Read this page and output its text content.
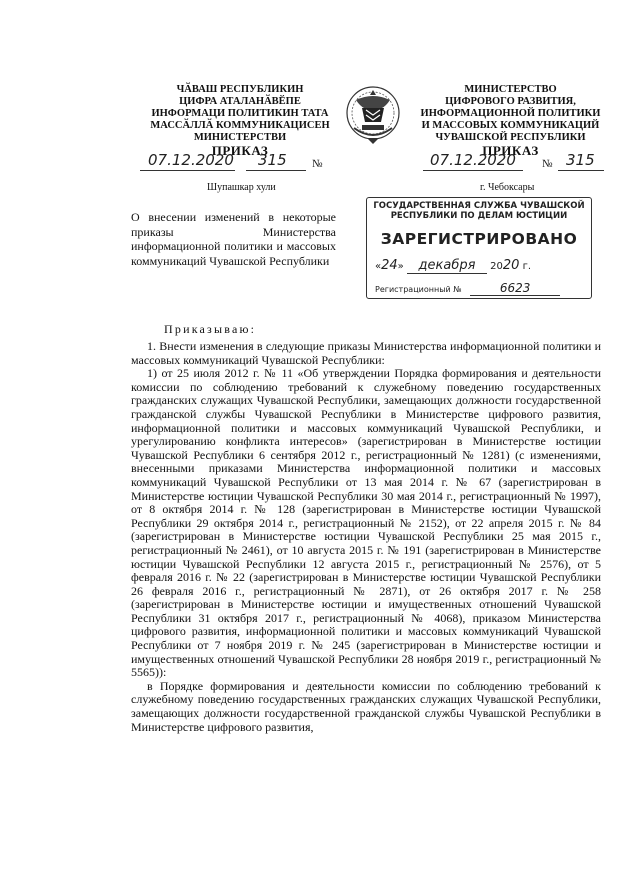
ЧӐВАШ РЕСПУБЛИКИН
ЦИФРА АТАЛАНӐВӖПЕ
ИНФОРМАЦИ ПОЛИТИКИН ТАТА
МАССӐЛЛӐ КОММУНИКАЦИСЕН
МИНИСТЕРСТВИ
ПРИКАЗ
МИНИСТЕРСТВО
ЦИФРОВОГО РАЗВИТИЯ,
ИНФОРМАЦИОННОЙ ПОЛИТИКИ
И МАССОВЫХ КОММУНИКАЦИЙ
ЧУВАШСКОЙ РЕСПУБЛИКИ
ПРИКАЗ
07.12.2020 315 №
Шупашкар хули
07.12.2020 № 315
г. Чебоксары
О внесении изменений в некоторые приказы Министерства информационной политики и массовых коммуникаций Чувашской Республики
ГОСУДАРСТВЕННАЯ СЛУЖБА ЧУВАШСКОЙ РЕСПУБЛИКИ ПО ДЕЛАМ ЮСТИЦИИ
ЗАРЕГИСТРИРОВАНО
«24» декабря 2020 г.
Регистрационный №	6623
Приказываю:

1. Внести изменения в следующие приказы Министерства информационной политики и массовых коммуникаций Чувашской Республики:

1) от 25 июля 2012 г. № 11 «Об утверждении Порядка формирования и деятельности комиссии по соблюдению требований к служебному поведению государственных гражданских служащих Чувашской Республики, замещающих должности государственной гражданской службы Чувашской Республики в Министерстве цифрового развития, информационной политики и массовых коммуникаций Чувашской Республики, и урегулированию конфликта интересов» (зарегистрирован в Министерстве юстиции Чувашской Республики 6 сентября 2012 г., регистрационный № 1281) (с изменениями, внесенными приказами Министерства информационной политики и массовых коммуникаций Чувашской Республики от 13 мая 2014 г. № 67 (зарегистрирован в Министерстве юстиции Чувашской Республики 30 мая 2014 г., регистрационный № 1997), от 8 октября 2014 г. № 128 (зарегистрирован в Министерстве юстиции Чувашской Республики 29 октября 2014 г., регистрационный № 2152), от 22 апреля 2015 г. № 84 (зарегистрирован в Министерстве юстиции Чувашской Республики 25 мая 2015 г., регистрационный № 2461), от 10 августа 2015 г. № 191 (зарегистрирован в Министерстве юстиции Чувашской Республики 12 августа 2015 г., регистрационный № 2576), от 5 февраля 2016 г. № 22 (зарегистрирован в Министерстве юстиции Чувашской Республики 26 февраля 2016 г., регистрационный № 2871), от 26 октября 2017 г. № 258 (зарегистрирован в Министерстве юстиции и имущественных отношений Чувашской Республики 31 октября 2017 г., регистрационный № 4068), приказом Министерства цифрового развития, информационной политики и массовых коммуникаций Чувашской Республики от 7 ноября 2019 г. № 245 (зарегистрирован в Министерстве юстиции и имущественных отношений Чувашской Республики 28 ноября 2019 г., регистрационный № 5565)):

в Порядке формирования и деятельности комиссии по соблюдению требований к служебному поведению государственных гражданских служащих Чувашской Республики, замещающих должности государственной гражданской службы Чувашской Республики в Министерстве цифрового развития,
